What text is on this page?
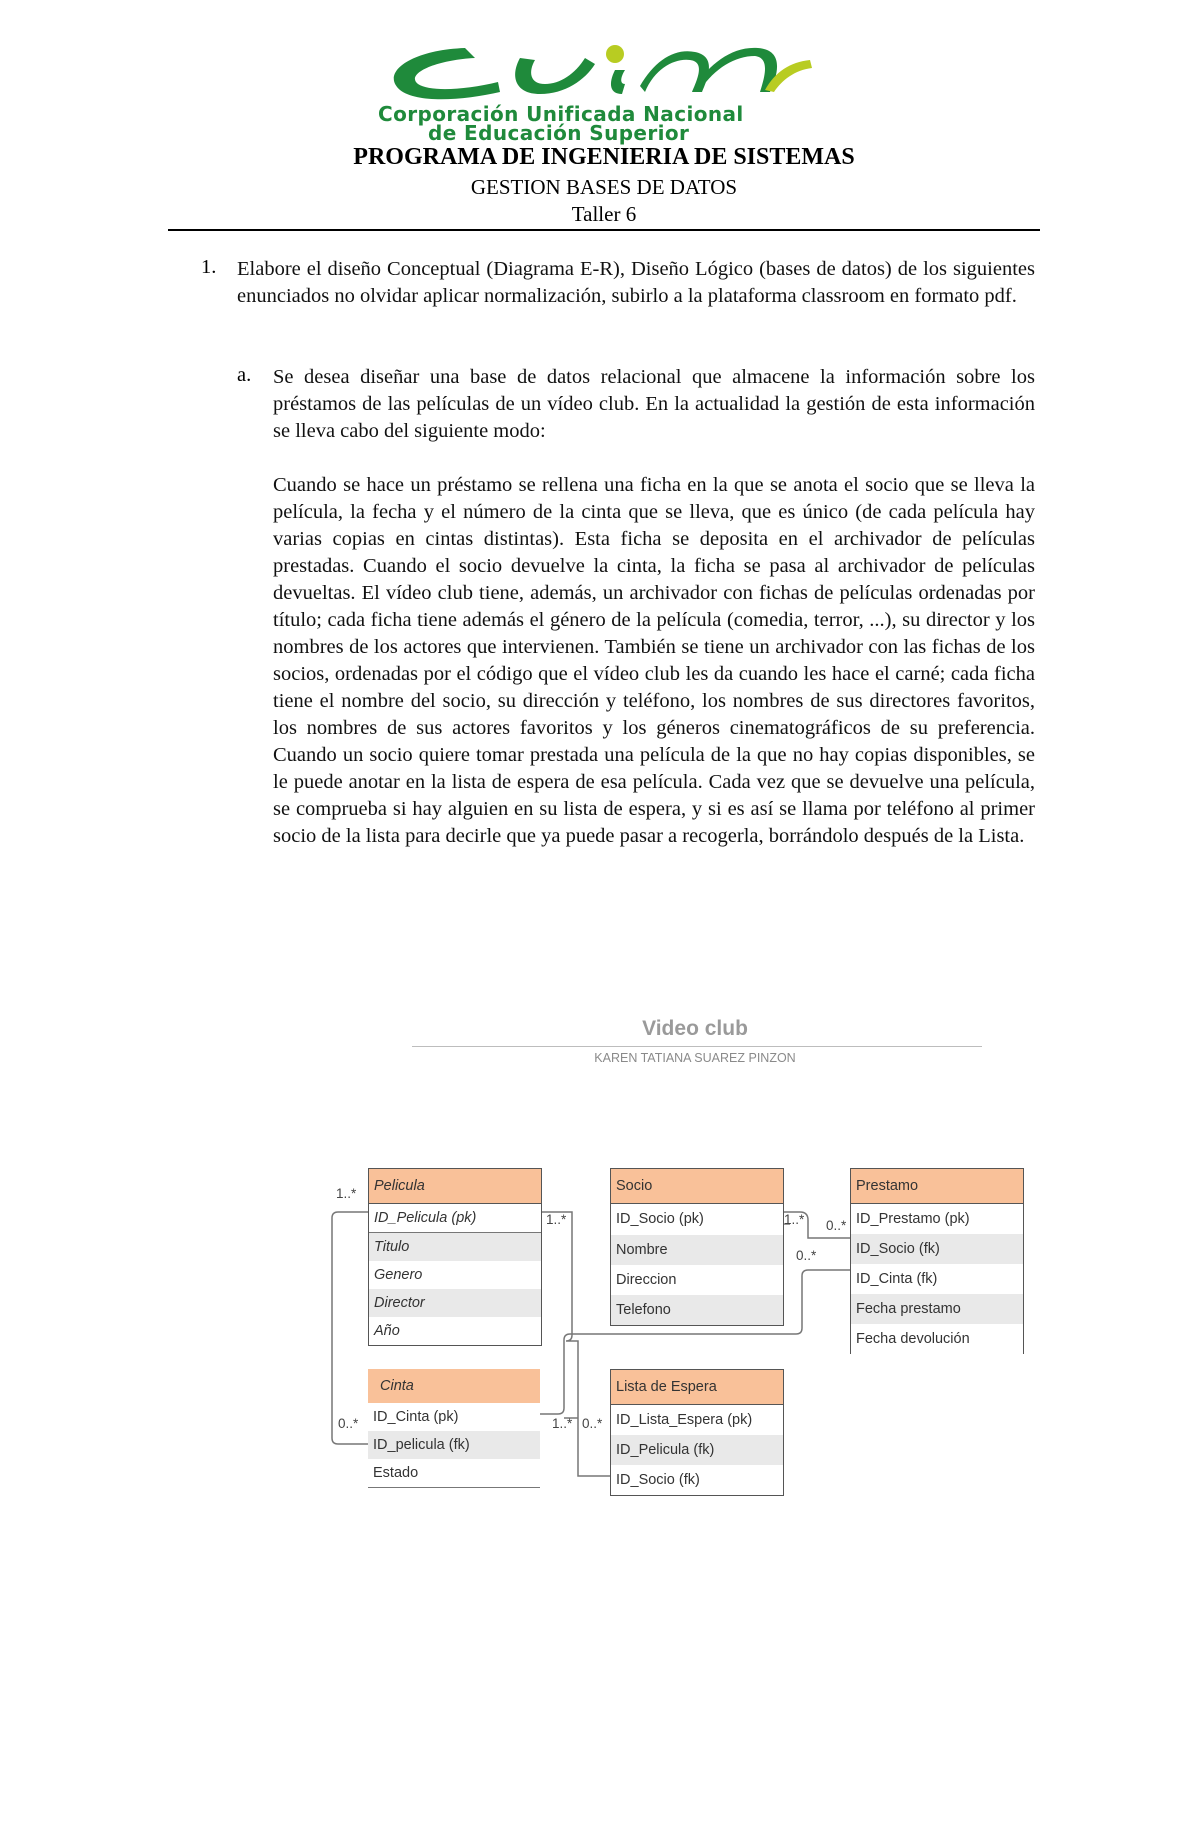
Corporación Unificada Nacional
de Educación Superior
PROGRAMA DE INGENIERIA DE SISTEMAS
GESTION BASES DE DATOS
Taller 6
1. Elabore el diseño Conceptual (Diagrama E-R), Diseño Lógico (bases de datos) de los siguientes enunciados no olvidar aplicar normalización, subirlo a la plataforma classroom en formato pdf.
a. Se desea diseñar una base de datos relacional que almacene la información sobre los préstamos de las películas de un vídeo club. En la actualidad la gestión de esta información se lleva cabo del siguiente modo:
Cuando se hace un préstamo se rellena una ficha en la que se anota el socio que se lleva la película, la fecha y el número de la cinta que se lleva, que es único (de cada película hay varias copias en cintas distintas). Esta ficha se deposita en el archivador de películas prestadas. Cuando el socio devuelve la cinta, la ficha se pasa al archivador de películas devueltas. El vídeo club tiene, además, un archivador con fichas de películas ordenadas por título; cada ficha tiene además el género de la película (comedia, terror, ...), su director y los nombres de los actores que intervienen. También se tiene un archivador con las fichas de los socios, ordenadas por el código que el vídeo club les da cuando les hace el carné; cada ficha tiene el nombre del socio, su dirección y teléfono, los nombres de sus directores favoritos, los nombres de sus actores favoritos y los géneros cinematográficos de su preferencia. Cuando un socio quiere tomar prestada una película de la que no hay copias disponibles, se le puede anotar en la lista de espera de esa película. Cada vez que se devuelve una película, se comprueba si hay alguien en su lista de espera, y si es así se llama por teléfono al primer socio de la lista para decirle que ya puede pasar a recogerla, borrándolo después de la Lista.
Video club
KAREN TATIANA SUAREZ PINZON
Pelicula
ID_Pelicula (pk)
Titulo
Genero
Director
Año
Socio
ID_Socio (pk)
Nombre
Direccion
Telefono
Prestamo
ID_Prestamo (pk)
ID_Socio (fk)
ID_Cinta (fk)
Fecha prestamo
Fecha devolución
Cinta
ID_Cinta (pk)
ID_pelicula (fk)
Estado
Lista de Espera
ID_Lista_Espera (pk)
ID_Pelicula (fk)
ID_Socio (fk)
1..*
1..*	1..* 0..*
0..*
0..*	1..* 0..*
